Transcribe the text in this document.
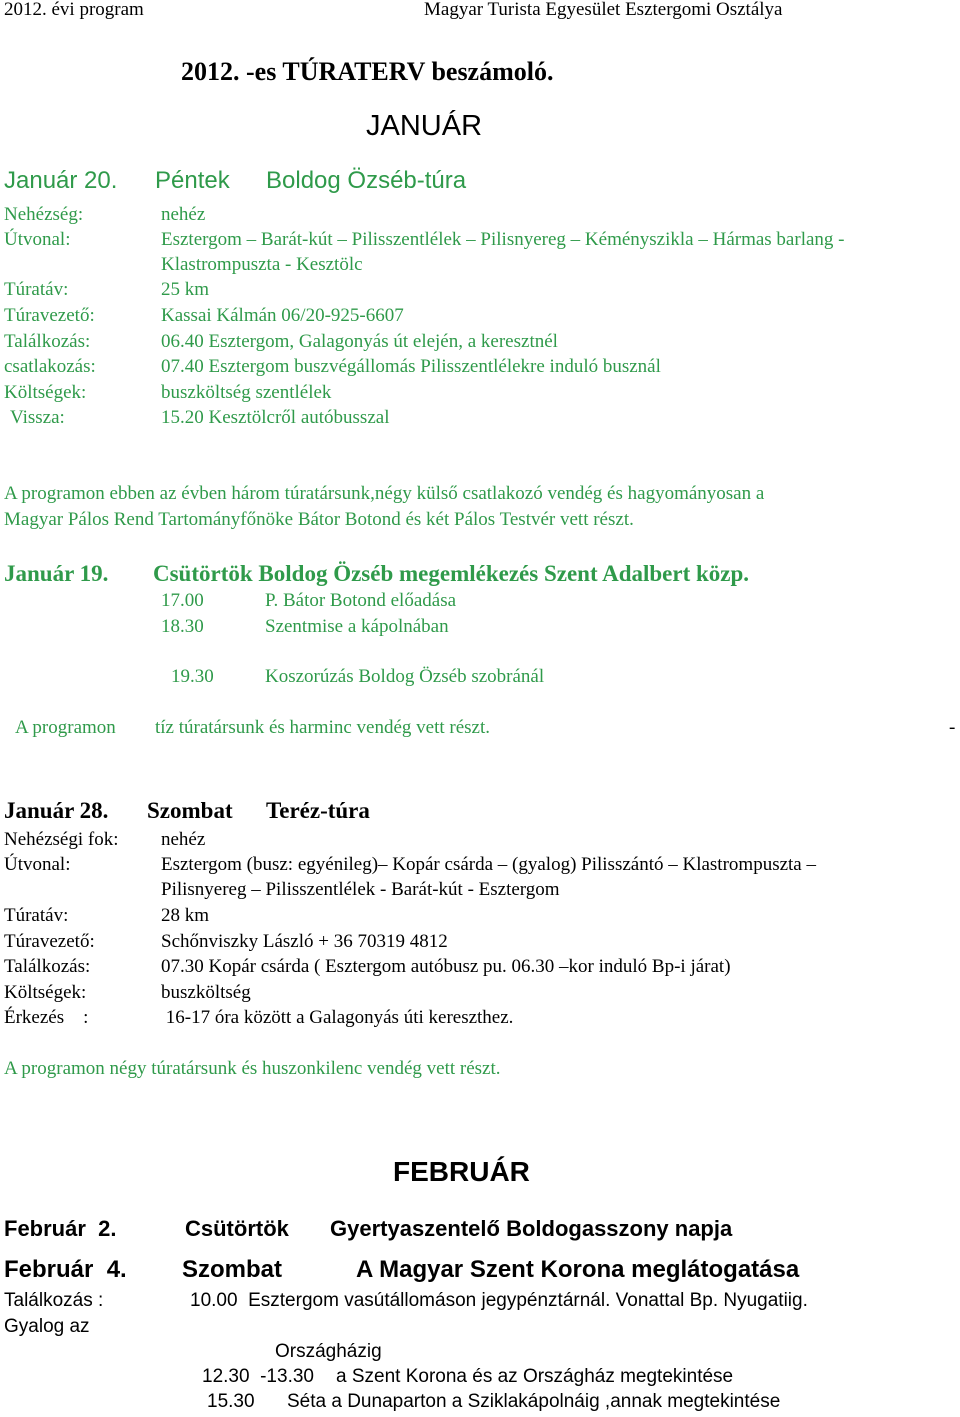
2012. évi program	Magyar Turista Egyesület Esztergomi Osztálya
2012. -es TÚRATERV beszámoló.
JANUÁR
Január 20. Péntek Boldog Özséb-túra
Nehézség:	nehéz
Útvonal:	Esztergom – Barát-kút – Pilisszentlélek – Pilisnyereg – Kéményszikla – Hármas barlang -
Klastrompuszta - Kesztölc
Túratáv:	25 km
Túravezető:	Kassai Kálmán 06/20-925-6607
Találkozás:	06.40 Esztergom, Galagonyás út elején, a keresztnél
csatlakozás:	07.40 Esztergom buszvégállomás Pilisszentlélekre induló busznál
Költségek:	buszköltség szentlélek
Vissza:	15.20 Kesztölcről autóbusszal
A programon ebben az évben három túratársunk,négy külső csatlakozó vendég és hagyományosan a
Magyar Pálos Rend Tartományfőnöke Bátor Botond és két Pálos Testvér vett részt.
Január 19. Csütörtök Boldog Özséb megemlékezés Szent Adalbert közp.
17.00	P. Bátor Botond előadása
18.30	Szentmise a kápolnában
19.30	Koszorúzás Boldog Özséb szobránál
A programon tíz túratársunk és harminc vendég vett részt.	-
Január 28. Szombat Teréz-túra
Nehézségi fok: nehéz
Útvonal:	Esztergom (busz: egyénileg)– Kopár csárda – (gyalog) Pilisszántó – Klastrompuszta –
Pilisnyereg – Pilisszentlélek - Barát-kút - Esztergom
Túratáv:	28 km
Túravezető:	Schőnviszky László + 36 70319 4812
Találkozás:	07.30 Kopár csárda ( Esztergom autóbusz pu. 06.30 –kor induló Bp-i járat)
Költségek:	buszköltség
Érkezés    :	16-17 óra között a Galagonyás úti kereszthez.
A programon négy túratársunk és huszonkilenc vendég vett részt.
FEBRUÁR
Február  2.	Csütörtök Gyertyaszentelő Boldogasszony napja
Február  4. Szombat	A Magyar Szent Korona meglátogatása
Találkozás :	10.00  Esztergom vasútállomáson jegypénztárnál. Vonattal Bp. Nyugatiig.
Gyalog az
Országházig
12.30  -13.30 a Szent Korona és az Országház megtekintése
15.30 Séta a Dunaparton a Sziklakápolnáig ,annak megtekintése
